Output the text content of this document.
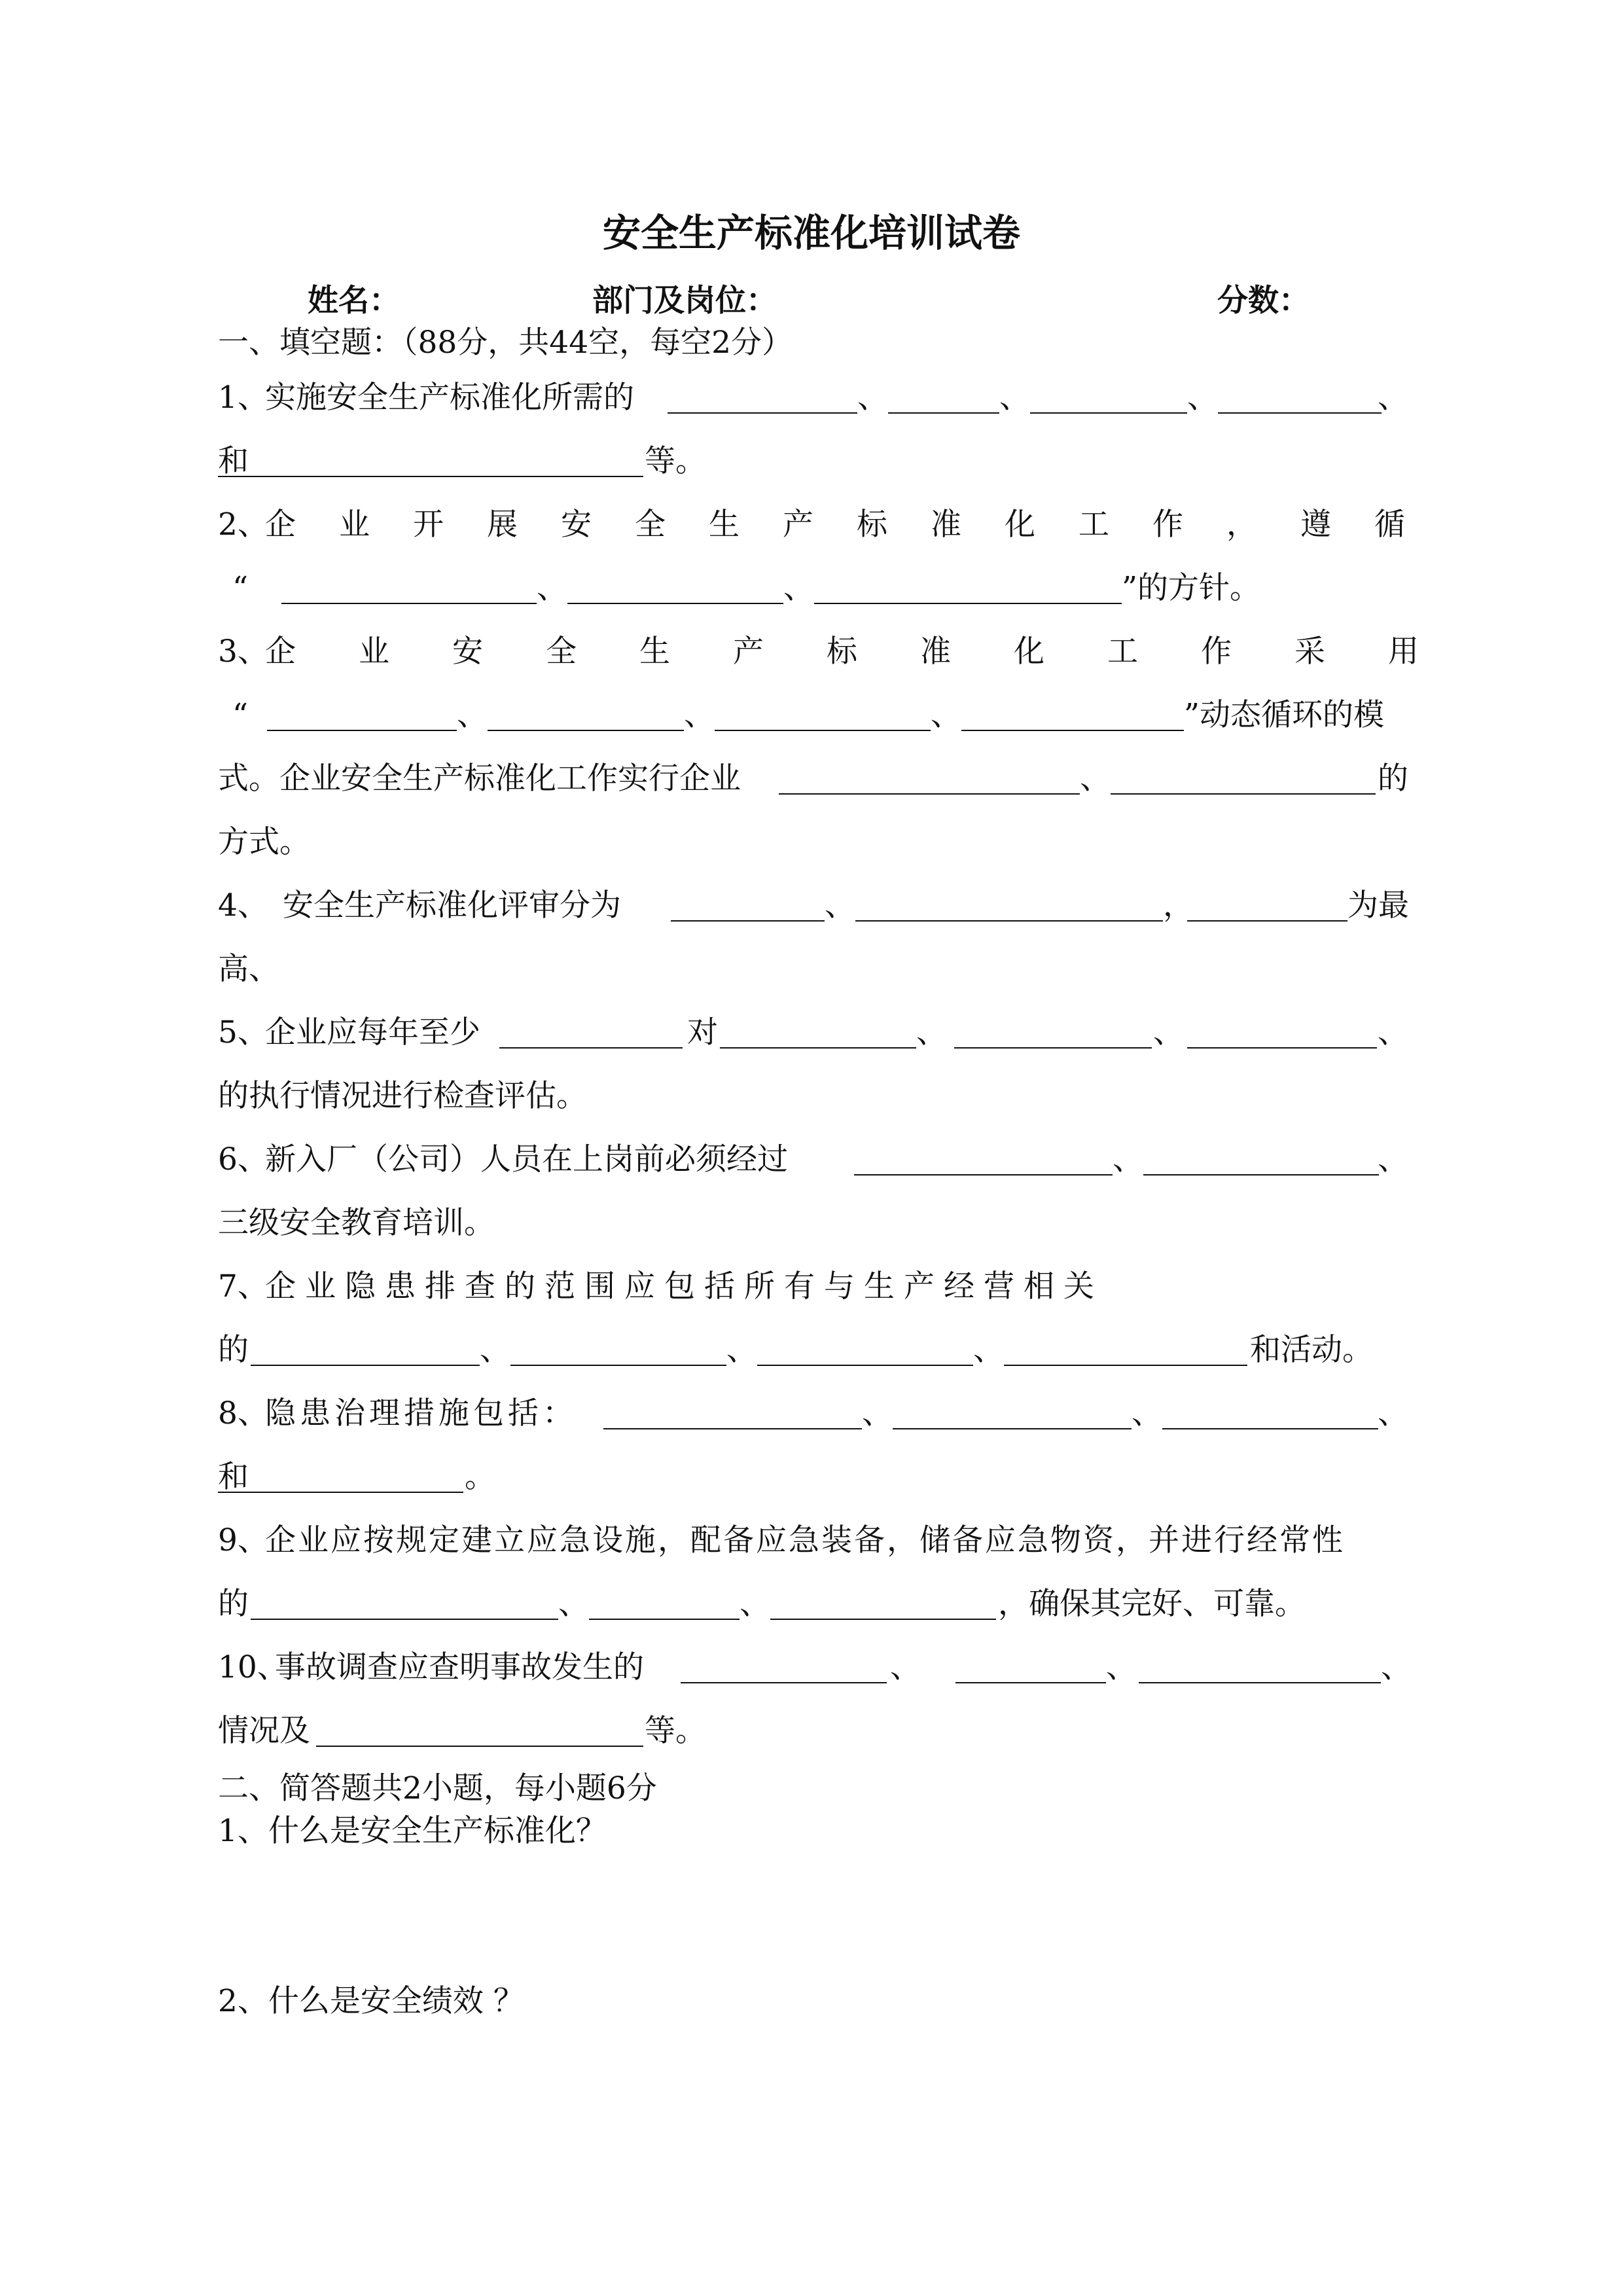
安全生产标准化培训试卷
姓名：	部门及岗位：	分数：
一、填空题：（88分，共44空，每空2分）
1、
实施安全生产标准化所需的	、	、	、	、
和	等。
2、
企业开展安全生产标准化工作，遵循
“	、	、	”的方针。
3、
企业安全生产标准化工作采用
“	、	、	、	”动态循环的模
式。企业安全生产标准化工作实行企业	、	的
方式。
4、 安全生产标准化评审分为	、	，	为最
高、
5、
企业应每年至少	对	、	、	、
的执行情况进行检查评估。
6、
新入厂（公司）人员在上岗前必须经过	、	、
三级安全教育培训。
7、
企业隐患排查的范围应包括所有与生产经营相关
的	、	、	、	和活动。
8、
隐患治理措施包括：	、	、	、
和	。
9、
企业应按规定建立应急设施，配备应急装备，储备应急物资，并进行经常性
的	、	、	，确保其完好、可靠。
10、
事故调查应查明事故发生的	、	、	、
情况及	等。
二、简答题共2小题，每小题6分
1、什么是安全生产标准化？
2、什么是安全绩效 ？
